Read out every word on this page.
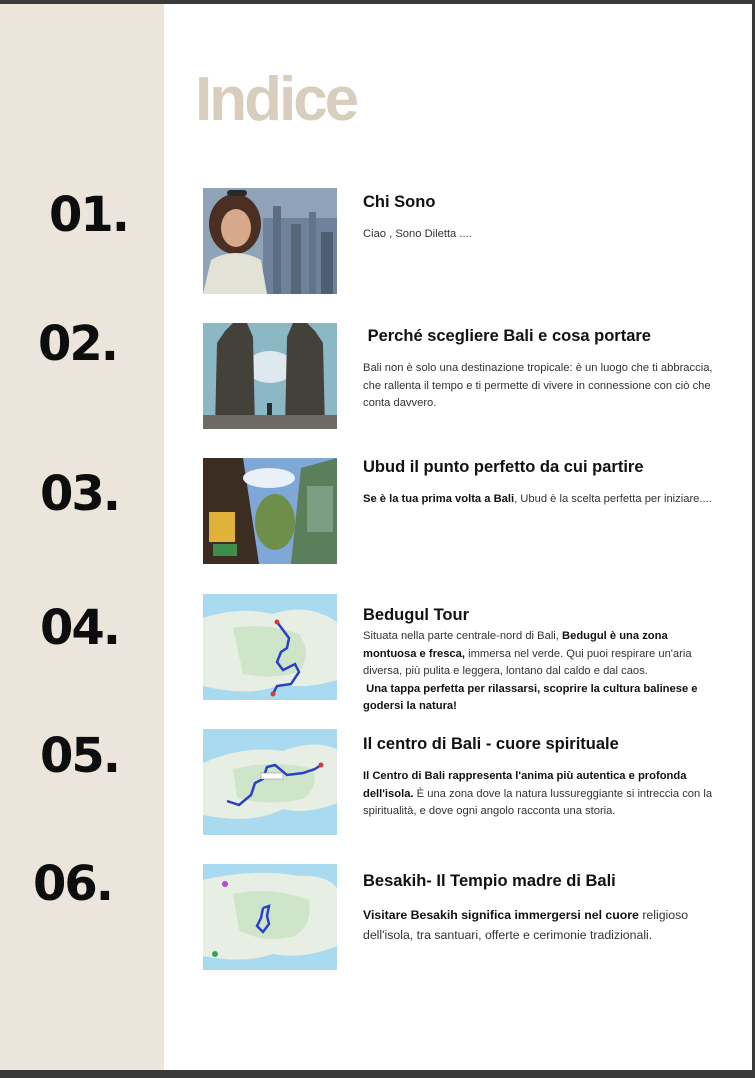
Indice
01.	Chi Sono

Ciao , Sono Diletta ....

02.	Perché scegliere Bali e cosa portare

Bali non è solo una destinazione tropicale: è un luogo che ti abbraccia, che rallenta il tempo e ti permette di vivere in connessione con ciò che conta davvero.

03.	Ubud il punto perfetto da cui partire

Se è la tua prima volta a Bali, Ubud è la scelta perfetta per iniziare....

04.	Bedugul Tour

Situata nella parte centrale-nord di Bali, Bedugul è una zona montuosa e fresca, immersa nel verde. Qui puoi respirare un'aria diversa, più pulita e leggera, lontano dal caldo e dal caos.
Una tappa perfetta per rilassarsi, scoprire la cultura balinese e godersi la natura!

05.	Il centro di Bali - cuore spirituale

Il Centro di Bali rappresenta l'anima più autentica e profonda dell'isola. È una zona dove la natura lussureggiante si intreccia con la spiritualità, e dove ogni angolo racconta una storia.

06.	Besakih- Il Tempio madre di Bali

Visitare Besakih significa immergersi nel cuore religioso dell'isola, tra santuari, offerte e cerimonie tradizionali.
